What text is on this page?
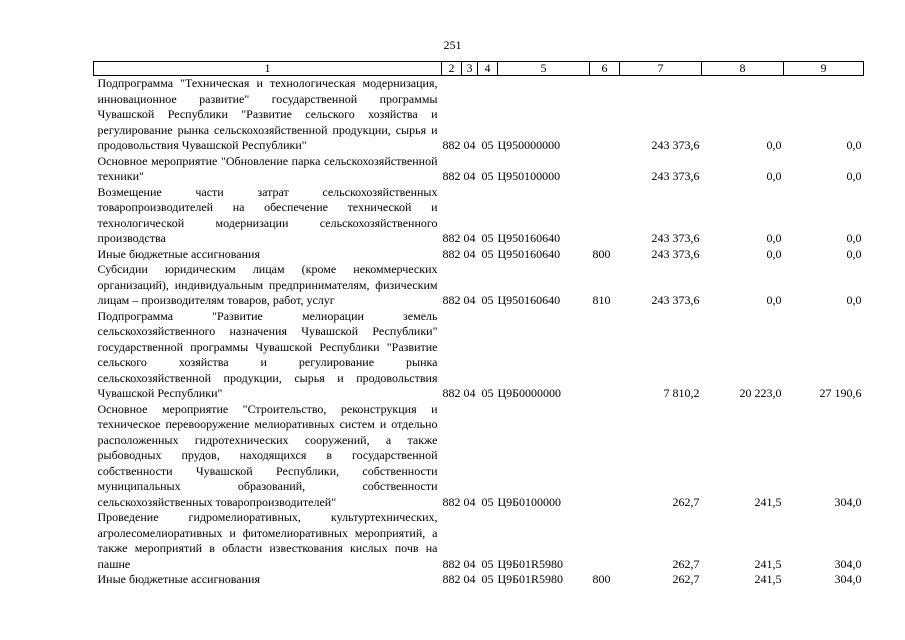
251
1	2	3	4	5	6	7	8	9
Подпрограмма "Техническая и технологическая модернизация, инновационное развитие" государственной программы Чувашской Республики "Развитие сельского хозяйства и регулирование рынка сельскохозяйственной продукции, сырья и продовольствия Чувашской Республики"	882	04	05	Ц950000000		243 373,6	0,0	0,0
Основное мероприятие "Обновление парка сельскохозяйственной техники"	882	04	05	Ц950100000		243 373,6	0,0	0,0
Возмещение части затрат сельскохозяйственных товаропроизводителей на обеспечение технической и технологической модернизации сельскохозяйственного производства	882	04	05	Ц950160640		243 373,6	0,0	0,0
Иные бюджетные ассигнования	882	04	05	Ц950160640	800	243 373,6	0,0	0,0
Субсидии юридическим лицам (кроме некоммерческих организаций), индивидуальным предпринимателям, физическим лицам – производителям товаров, работ, услуг	882	04	05	Ц950160640	810	243 373,6	0,0	0,0
Подпрограмма "Развитие мелиорации земель сельскохозяйственного назначения Чувашской Республики" государственной программы Чувашской Республики "Развитие сельского хозяйства и регулирование рынка сельскохозяйственной продукции, сырья и продовольствия Чувашской Республики"	882	04	05	Ц9Б0000000		7 810,2	20 223,0	27 190,6
Основное мероприятие "Строительство, реконструкция и техническое перевооружение мелиоративных систем и отдельно расположенных гидротехнических сооружений, а также рыбоводных прудов, находящихся в государственной собственности Чувашской Республики, собственности муниципальных образований, собственности сельскохозяйственных товаропроизводителей"	882	04	05	Ц9Б0100000		262,7	241,5	304,0
Проведение гидромелиоративных, культуртехнических, агролесомелиоративных и фитомелиоративных мероприятий, а также мероприятий в области известкования кислых почв на пашне	882	04	05	Ц9Б01R5980		262,7	241,5	304,0
Иные бюджетные ассигнования	882	04	05	Ц9Б01R5980	800	262,7	241,5	304,0
